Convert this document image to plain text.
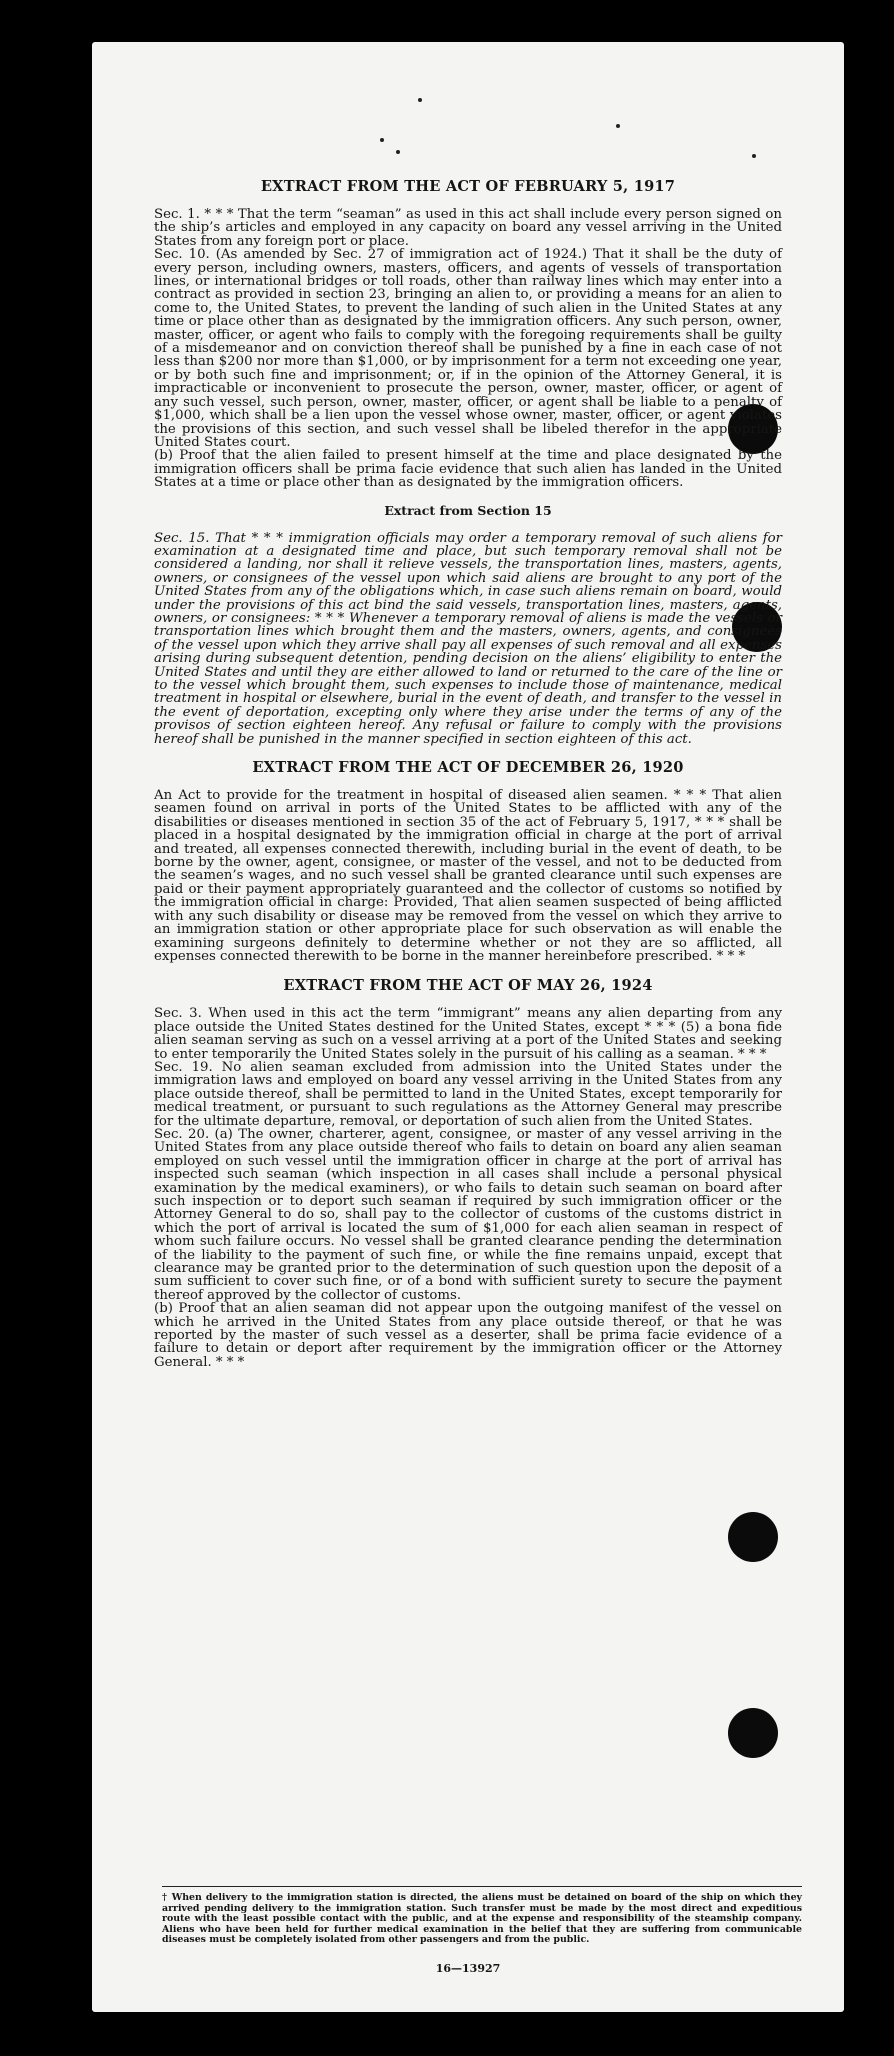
EXTRACT FROM THE ACT OF FEBRUARY 5, 1917

Sec. 1. * * * That the term “seaman” as used in this act shall include every person signed on the ship’s articles and employed in any capacity on board any vessel arriving in the United States from any foreign port or place.

Sec. 10. (As amended by Sec. 27 of immigration act of 1924.) That it shall be the duty of every person, including owners, masters, officers, and agents of vessels of transportation lines, or international bridges or toll roads, other than railway lines which may enter into a contract as provided in section 23, bringing an alien to, or providing a means for an alien to come to, the United States, to prevent the landing of such alien in the United States at any time or place other than as designated by the immigration officers. Any such person, owner, master, officer, or agent who fails to comply with the foregoing requirements shall be guilty of a misdemeanor and on conviction thereof shall be punished by a fine in each case of not less than $200 nor more than $1,000, or by imprisonment for a term not exceeding one year, or by both such fine and imprisonment; or, if in the opinion of the Attorney General, it is impracticable or inconvenient to prosecute the person, owner, master, officer, or agent of any such vessel, such person, owner, master, officer, or agent shall be liable to a penalty of $1,000, which shall be a lien upon the vessel whose owner, master, officer, or agent violates the provisions of this section, and such vessel shall be libeled therefor in the appropriate United States court.

(b) Proof that the alien failed to present himself at the time and place designated by the immigration officers shall be prima facie evidence that such alien has landed in the United States at a time or place other than as designated by the immigration officers.

Extract from Section 15

Sec. 15. That * * * immigration officials may order a temporary removal of such aliens for examination at a designated time and place, but such temporary removal shall not be considered a landing, nor shall it relieve vessels, the transportation lines, masters, agents, owners, or consignees of the vessel upon which said aliens are brought to any port of the United States from any of the obligations which, in case such aliens remain on board, would under the provisions of this act bind the said vessels, transportation lines, masters, agents, owners, or consignees: * * * Whenever a temporary removal of aliens is made the vessels or transportation lines which brought them and the masters, owners, agents, and consignees of the vessel upon which they arrive shall pay all expenses of such removal and all expenses arising during subsequent detention, pending decision on the aliens’ eligibility to enter the United States and until they are either allowed to land or returned to the care of the line or to the vessel which brought them, such expenses to include those of maintenance, medical treatment in hospital or elsewhere, burial in the event of death, and transfer to the vessel in the event of deportation, excepting only where they arise under the terms of any of the provisos of section eighteen hereof. Any refusal or failure to comply with the provisions hereof shall be punished in the manner specified in section eighteen of this act.

EXTRACT FROM THE ACT OF DECEMBER 26, 1920

An Act to provide for the treatment in hospital of diseased alien seamen. * * * That alien seamen found on arrival in ports of the United States to be afflicted with any of the disabilities or diseases mentioned in section 35 of the act of February 5, 1917, * * * shall be placed in a hospital designated by the immigration official in charge at the port of arrival and treated, all expenses connected therewith, including burial in the event of death, to be borne by the owner, agent, consignee, or master of the vessel, and not to be deducted from the seamen’s wages, and no such vessel shall be granted clearance until such expenses are paid or their payment appropriately guaranteed and the collector of customs so notified by the immigration official in charge: Provided, That alien seamen suspected of being afflicted with any such disability or disease may be removed from the vessel on which they arrive to an immigration station or other appropriate place for such observation as will enable the examining surgeons definitely to determine whether or not they are so afflicted, all expenses connected therewith to be borne in the manner hereinbefore prescribed. * * *

EXTRACT FROM THE ACT OF MAY 26, 1924

Sec. 3. When used in this act the term “immigrant” means any alien departing from any place outside the United States destined for the United States, except * * * (5) a bona fide alien seaman serving as such on a vessel arriving at a port of the United States and seeking to enter temporarily the United States solely in the pursuit of his calling as a seaman. * * *

Sec. 19. No alien seaman excluded from admission into the United States under the immigration laws and employed on board any vessel arriving in the United States from any place outside thereof, shall be permitted to land in the United States, except temporarily for medical treatment, or pursuant to such regulations as the Attorney General may prescribe for the ultimate departure, removal, or deportation of such alien from the United States.

Sec. 20. (a) The owner, charterer, agent, consignee, or master of any vessel arriving in the United States from any place outside thereof who fails to detain on board any alien seaman employed on such vessel until the immigration officer in charge at the port of arrival has inspected such seaman (which inspection in all cases shall include a personal physical examination by the medical examiners), or who fails to detain such seaman on board after such inspection or to deport such seaman if required by such immigration officer or the Attorney General to do so, shall pay to the collector of customs of the customs district in which the port of arrival is located the sum of $1,000 for each alien seaman in respect of whom such failure occurs. No vessel shall be granted clearance pending the determination of the liability to the payment of such fine, or while the fine remains unpaid, except that clearance may be granted prior to the determination of such question upon the deposit of a sum sufficient to cover such fine, or of a bond with sufficient surety to secure the payment thereof approved by the collector of customs.

(b) Proof that an alien seaman did not appear upon the outgoing manifest of the vessel on which he arrived in the United States from any place outside thereof, or that he was reported by the master of such vessel as a deserter, shall be prima facie evidence of a failure to detain or deport after requirement by the immigration officer or the Attorney General. * * *

† When delivery to the immigration station is directed, the aliens must be detained on board of the ship on which they arrived pending delivery to the immigration station. Such transfer must be made by the most direct and expeditious route with the least possible contact with the public, and at the expense and responsibility of the steamship company. Aliens who have been held for further medical examination in the belief that they are suffering from communicable diseases must be completely isolated from other passengers and from the public.

16—13927
